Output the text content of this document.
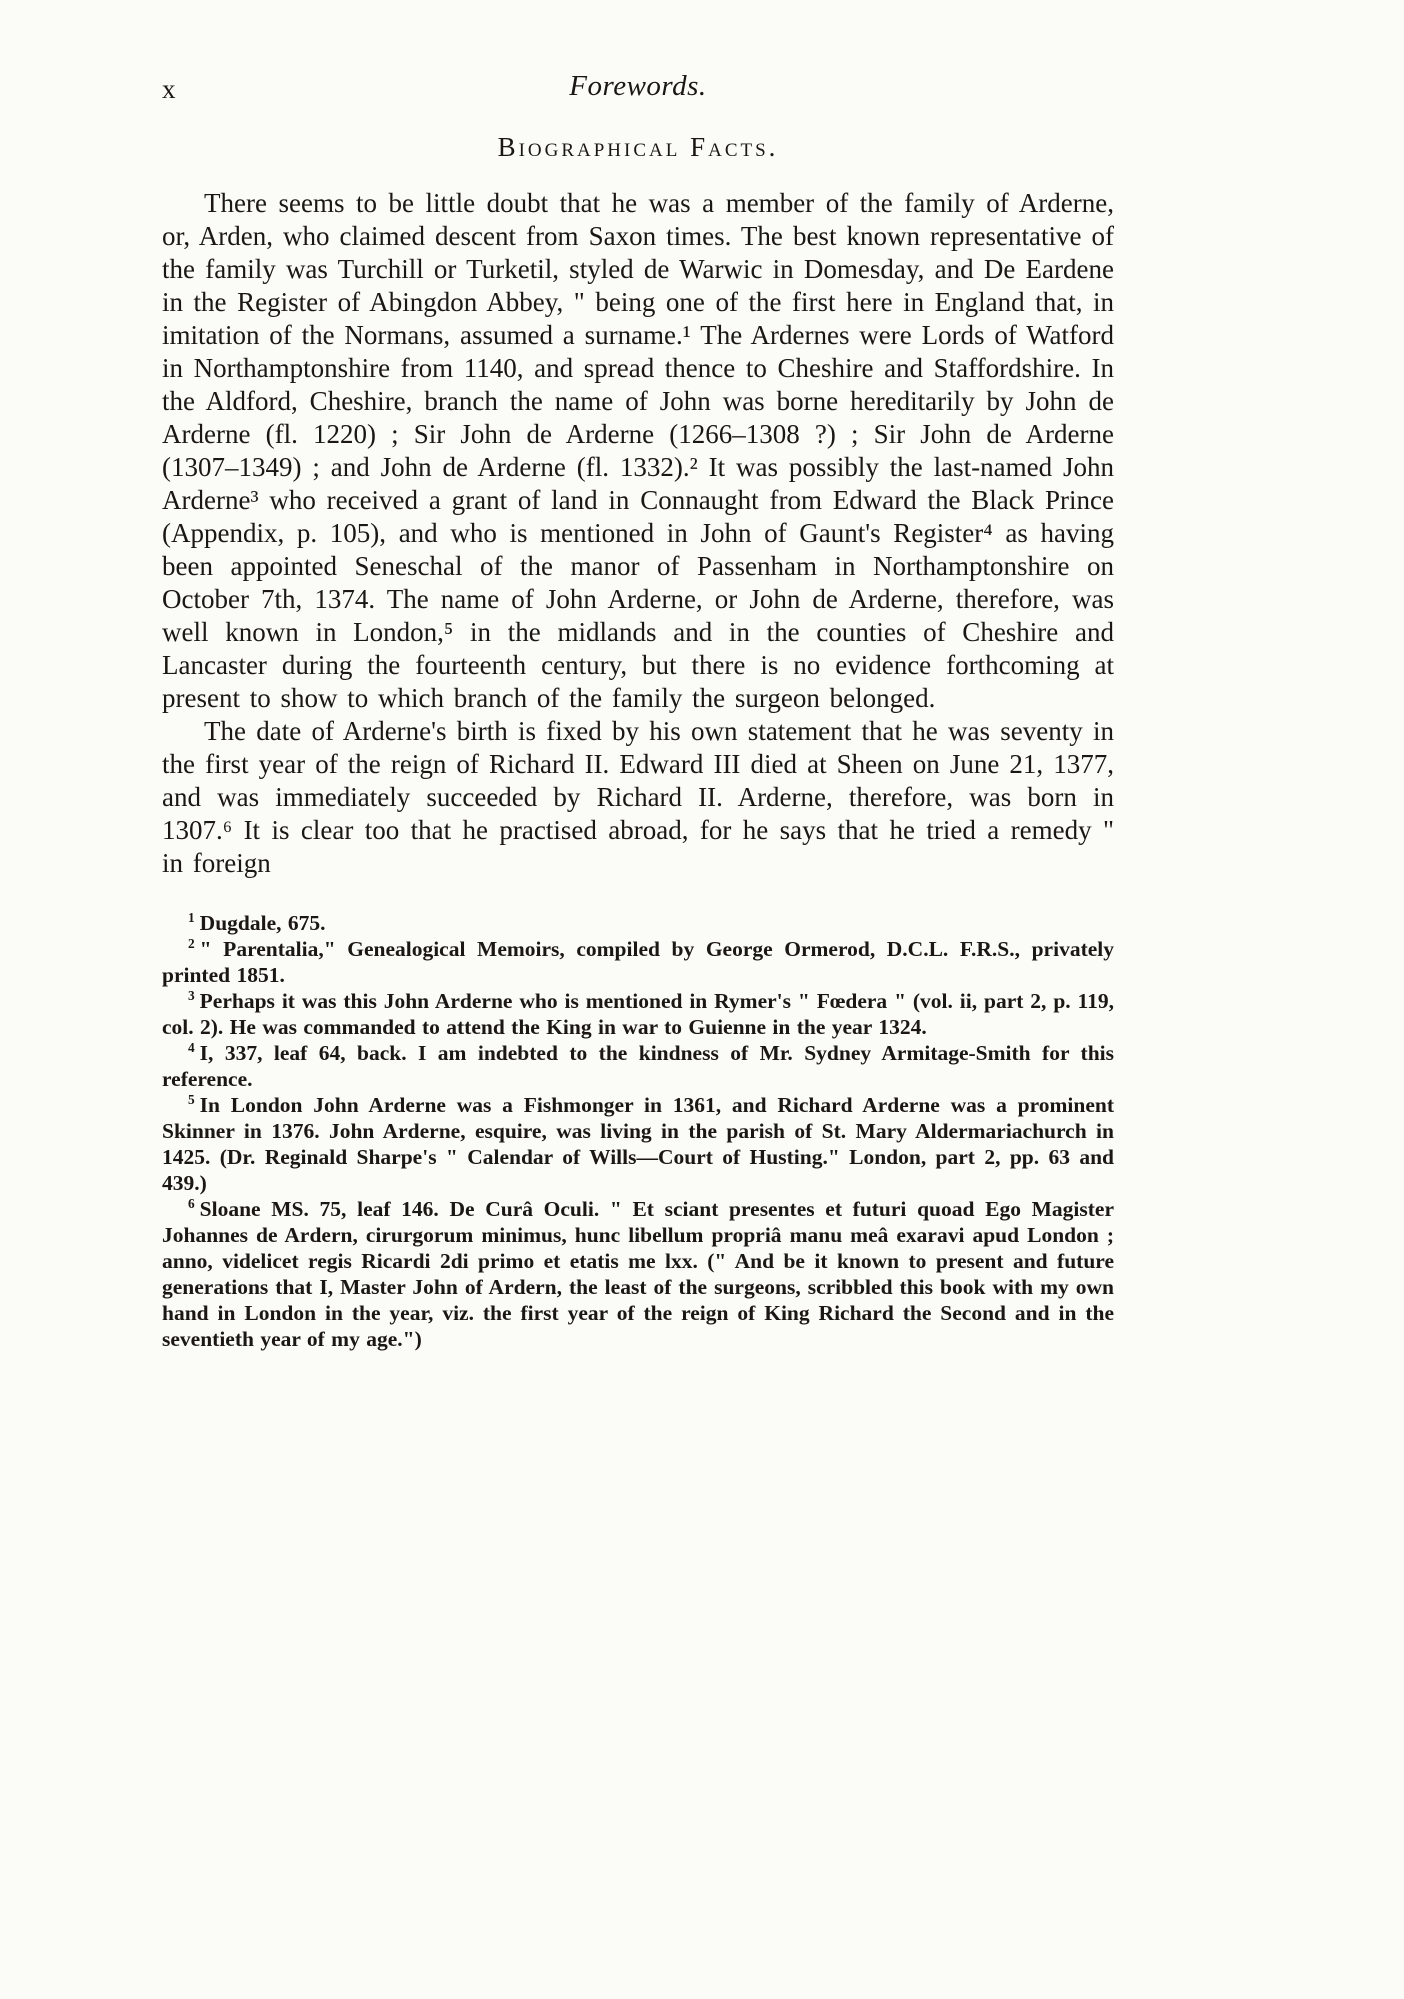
x	Forewords.
Biographical Facts.

There seems to be little doubt that he was a member of the family of Arderne, or, Arden, who claimed descent from Saxon times. The best known representative of the family was Turchill or Turketil, styled de Warwic in Domesday, and De Eardene in the Register of Abingdon Abbey, " being one of the first here in England that, in imitation of the Normans, assumed a surname.¹ The Ardernes were Lords of Watford in Northamptonshire from 1140, and spread thence to Cheshire and Staffordshire. In the Aldford, Cheshire, branch the name of John was borne hereditarily by John de Arderne (fl. 1220) ; Sir John de Arderne (1266–1308 ?) ; Sir John de Arderne (1307–1349) ; and John de Arderne (fl. 1332).² It was possibly the last-named John Arderne³ who received a grant of land in Connaught from Edward the Black Prince (Appendix, p. 105), and who is mentioned in John of Gaunt's Register⁴ as having been appointed Seneschal of the manor of Passenham in Northamptonshire on October 7th, 1374. The name of John Arderne, or John de Arderne, therefore, was well known in London,⁵ in the midlands and in the counties of Cheshire and Lancaster during the fourteenth century, but there is no evidence forthcoming at present to show to which branch of the family the surgeon belonged.

The date of Arderne's birth is fixed by his own statement that he was seventy in the first year of the reign of Richard II. Edward III died at Sheen on June 21, 1377, and was immediately succeeded by Richard II. Arderne, therefore, was born in 1307.⁶ It is clear too that he practised abroad, for he says that he tried a remedy " in foreign

$^1$ Dugdale, 675.

$^2$ " Parentalia," Genealogical Memoirs, compiled by George Ormerod, D.C.L. F.R.S., privately printed 1851.

$^3$ Perhaps it was this John Arderne who is mentioned in Rymer's " Fœdera " (vol. ii, part 2, p. 119, col. 2). He was commanded to attend the King in war to Guienne in the year 1324.

$^4$ I, 337, leaf 64, back. I am indebted to the kindness of Mr. Sydney Armitage-Smith for this reference.

$^5$ In London John Arderne was a Fishmonger in 1361, and Richard Arderne was a prominent Skinner in 1376. John Arderne, esquire, was living in the parish of St. Mary Aldermariachurch in 1425. (Dr. Reginald Sharpe's " Calendar of Wills—Court of Husting." London, part 2, pp. 63 and 439.)

$^6$ Sloane MS. 75, leaf 146. De Curâ Oculi. " Et sciant presentes et futuri quoad Ego Magister Johannes de Ardern, cirurgorum minimus, hunc libellum propriâ manu meâ exaravi apud London ; anno, videlicet regis Ricardi 2di primo et etatis me lxx. (" And be it known to present and future generations that I, Master John of Ardern, the least of the surgeons, scribbled this book with my own hand in London in the year, viz. the first year of the reign of King Richard the Second and in the seventieth year of my age.")
